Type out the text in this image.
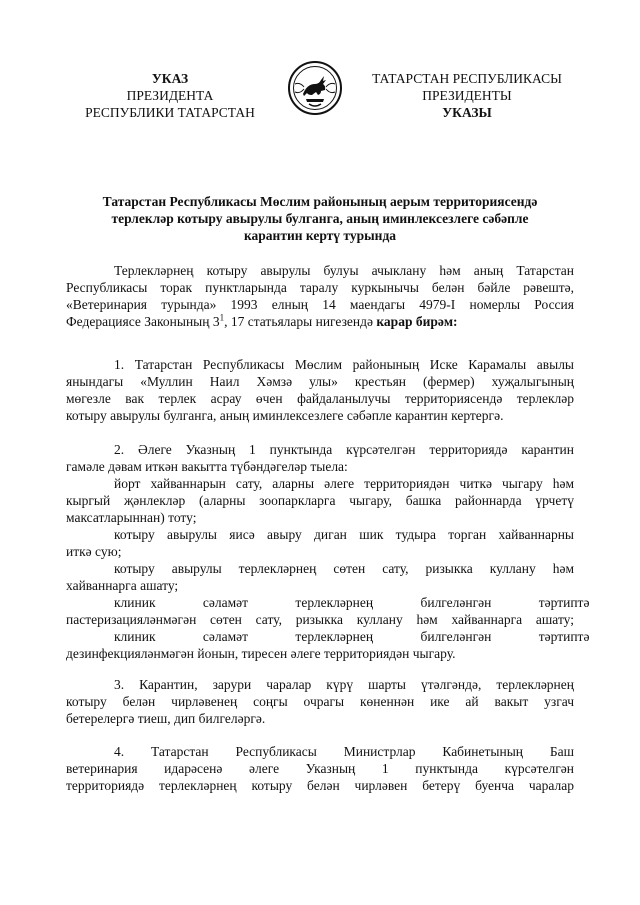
УКАЗ
ПРЕЗИДЕНТА
РЕСПУБЛИКИ ТАТАРСТАН
ТАТАРСТАН РЕСПУБЛИКАСЫ
ПРЕЗИДЕНТЫ
УКАЗЫ
Татарстан Республикасы Мөслим районының аерым территориясендә
терлекләр котыру авырулы булганга, аның иминлексезлеге сәбәпле
карантин кертү турында
Терлекләрнең котыру авырулы булуы ачыклану һәм аның Татарстан
Республикасы торак пунктларында таралу куркынычы белән бәйле рәвештә,
«Ветеринария турында» 1993 елның 14 маендагы 4979-I номерлы Россия
Федерациясе Законының $3^1$, 17 статьялары нигезендә карар бирәм:
1. Татарстан Республикасы Мөслим районының Иске Карамалы авылы
янындагы «Муллин Наил Хәмзә улы» крестьян (фермер) хуҗалыгының
мөгезле вак терлек асрау өчен файдаланылучы территориясендә терлекләр
котыру авырулы булганга, аның иминлексезлеге сәбәпле карантин кертергә.
2. Әлеге Указның 1 пунктында күрсәтелгән территориядә карантин
гамәле дәвам иткән вакытта түбәндәгеләр тыела:
йорт хайваннарын сату, аларны әлеге территориядән читкә чыгару һәм
кыргый җәнлекләр (аларны зоопаркларга чыгару, башка районнарда үрчетү
максатларыннан) тоту;
котыру авырулы яисә авыру диган шик тудыра торган хайваннарны
иткә сую;
котыру авырулы терлекләрнең сөтен сату, ризыкка куллану һәм
хайваннарга ашату;
клиник сәламәт терлекләрнең билгеләнгән тәртиптә
пастеризацияләнмәгән сөтен сату, ризыкка куллану һәм хайваннарга ашату;
клиник сәламәт терлекләрнең билгеләнгән тәртиптә
дезинфекцияләнмәгән йонын, тиресен әлеге территориядән чыгару.
3. Карантин, зарури чаралар күрү шарты үтәлгәндә, терлекләрнең
котыру белән чирләвенең соңгы очрагы көненнән ике ай вакыт узгач
бетерелергә тиеш, дип билгеләргә.
4. Татарстан Республикасы Министрлар Кабинетының Баш
ветеринария идарәсенә әлеге Указның 1 пунктында күрсәтелгән
территориядә терлекләрнең котыру белән чирләвен бетерү буенча чаралар
